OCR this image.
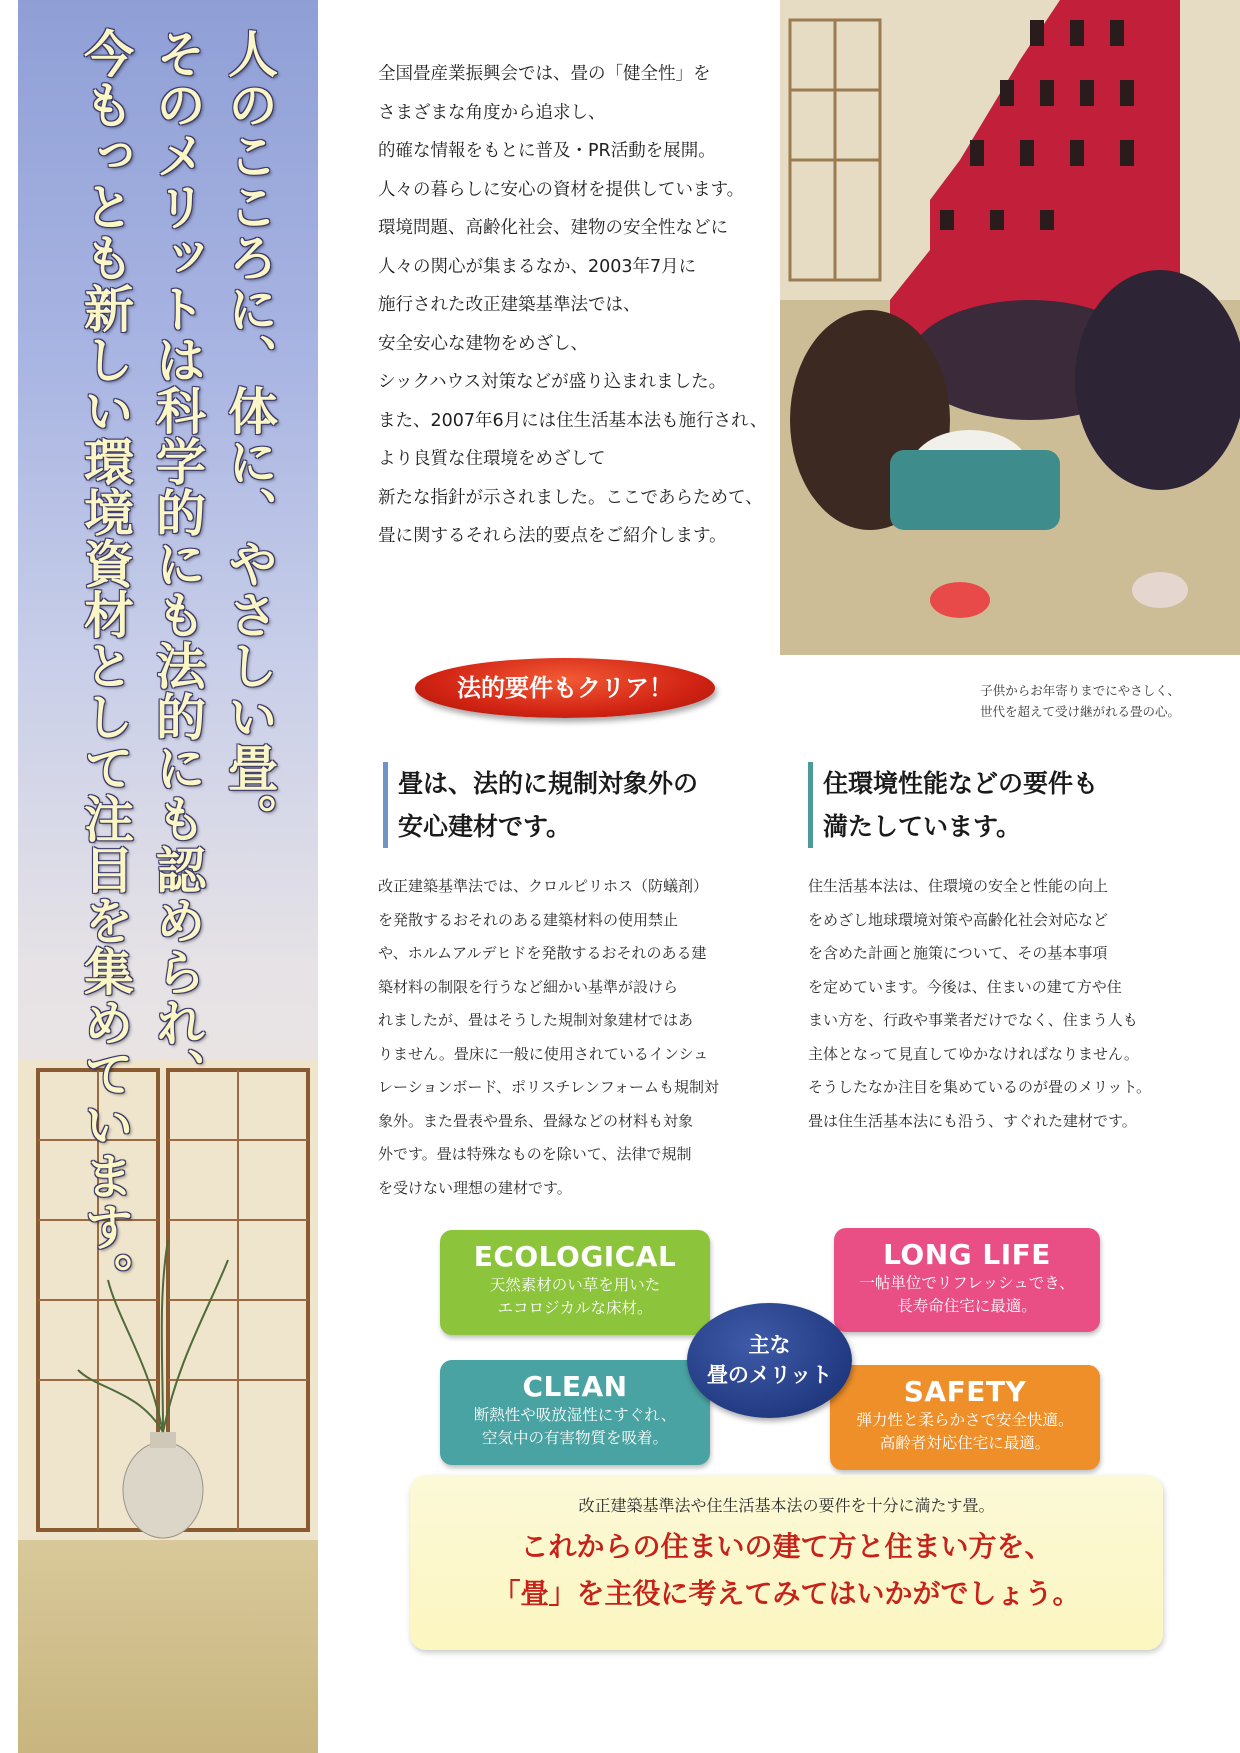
人のこころに、体に、やさしい畳。
そのメリットは科学的にも法的にも認められ、
今もっとも新しい環境資材として注目を集めています。	全国畳産業振興会では、畳の「健全性」を
さまざまな角度から追求し、
的確な情報をもとに普及・PR活動を展開。
人々の暮らしに安心の資材を提供しています。
環境問題、高齢化社会、建物の安全性などに
人々の関心が集まるなか、2003年7月に
施行された改正建築基準法では、
安全安心な建物をめざし、
シックハウス対策などが盛り込まれました。
また、2007年6月には住生活基本法も施行され、
より良質な住環境をめざして
新たな指針が示されました。ここであらためて、
畳に関するそれら法的要点をご紹介します。
子供からお年寄りまでにやさしく、
世代を超えて受け継がれる畳の心。
法的要件もクリア！
畳は、法的に規制対象外の
安心建材です。
改正建築基準法では、クロルピリホス（防蟻剤）
を発散するおそれのある建築材料の使用禁止
や、ホルムアルデヒドを発散するおそれのある建
築材料の制限を行うなど細かい基準が設けら
れましたが、畳はそうした規制対象建材ではあ
りません。畳床に一般に使用されているインシュ
レーションボード、ポリスチレンフォームも規制対
象外。また畳表や畳糸、畳縁などの材料も対象
外です。畳は特殊なものを除いて、法律で規制
を受けない理想の建材です。
住環境性能などの要件も
満たしています。
住生活基本法は、住環境の安全と性能の向上
をめざし地球環境対策や高齢化社会対応など
を含めた計画と施策について、その基本事項
を定めています。今後は、住まいの建て方や住
まい方を、行政や事業者だけでなく、住まう人も
主体となって見直してゆかなければなりません。
そうしたなか注目を集めているのが畳のメリット。
畳は住生活基本法にも沿う、すぐれた建材です。
ECOLOGICAL
天然素材のい草を用いた
エコロジカルな床材。
LONG LIFE
一帖単位でリフレッシュでき、
長寿命住宅に最適。
CLEAN
断熱性や吸放湿性にすぐれ、
空気中の有害物質を吸着。
SAFETY
弾力性と柔らかさで安全快適。
高齢者対応住宅に最適。
主な
畳のメリット
改正建築基準法や住生活基本法の要件を十分に満たす畳。
これからの住まいの建て方と住まい方を、
「畳」を主役に考えてみてはいかがでしょう。
